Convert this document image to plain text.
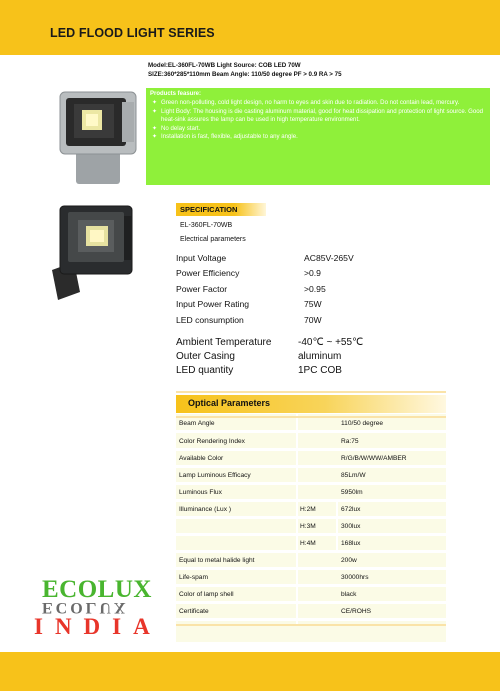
LED FLOOD LIGHT SERIES
Model:EL-360FL-70WB Light Source: COB LED 70W
SIZE:360*285*110mm Beam Angle: 110/50 degree PF > 0.9 RA > 75
Products feasure:
✦ Green non-polluting, cold light design, no harm to eyes and skin due to radiation. Do not contain lead, mercury.
✦ Light Body: The housing is die casting aluminum material, good for heat dissipation and protection of light source. Good heat-sink assures the lamp can be used in high temperature environment.
✦ No delay start.
✦ Installation is fast, flexible, adjustable to any angle.
SPECIFICATION
EL-360FL-70WB
Electrical parameters
Input Voltage	AC85V-265V
Power Efficiency	>0.9
Power Factor	>0.95
Input Power Rating	75W
LED consumption	70W
Ambient Temperature	-40℃ ~ +55℃
Outer Casing	aluminum
LED quantity	1PC COB
Optical Parameters
Beam Angle	110/50 degree
Color Rendering Index	Ra:75
Available Color	R/G/B/W/WW/AMBER
Lamp Luminous Efficacy	85Lm/W
Luminous Flux	5950lm
Illuminance (Lux )	H:2M	672lux
H:3M	300lux
H:4M	168lux
Equal to metal halide light	200w
Life-spam	30000hrs
Color of lamp shell	black
Certificate	CE/ROHS
ECOLUX
ECOLUX
INDIA
